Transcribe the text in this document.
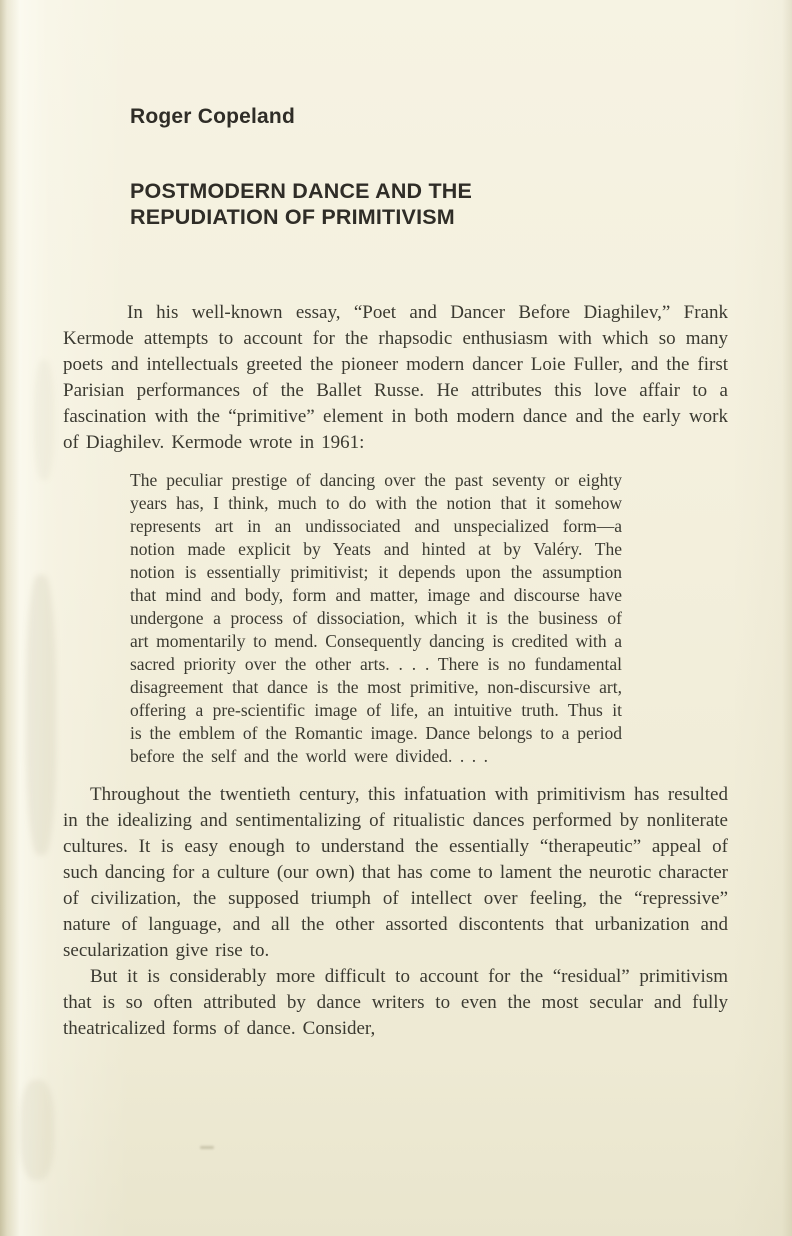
Roger Copeland
POSTMODERN DANCE AND THE
REPUDIATION OF PRIMITIVISM

In his well-known essay, “Poet and Dancer Before Diaghilev,” Frank Kermode attempts to account for the rhapsodic enthusiasm with which so many poets and intellectuals greeted the pioneer modern dancer Loie Fuller, and the first Parisian performances of the Ballet Russe. He attributes this love affair to a fascination with the “primitive” element in both modern dance and the early work of Diaghilev. Kermode wrote in 1961:

The peculiar prestige of dancing over the past seventy or eighty years has, I think, much to do with the notion that it somehow represents art in an undissociated and unspecialized form—a notion made explicit by Yeats and hinted at by Valéry. The notion is essentially primitivist; it depends upon the assumption that mind and body, form and matter, image and discourse have undergone a process of dissociation, which it is the business of art momentarily to mend. Consequently dancing is credited with a sacred priority over the other arts. . . . There is no fundamental disagreement that dance is the most primitive, non-discursive art, offering a pre-scientific image of life, an intuitive truth. Thus it is the emblem of the Romantic image. Dance belongs to a period before the self and the world were divided. . . .

Throughout the twentieth century, this infatuation with primitivism has resulted in the idealizing and sentimentalizing of ritualistic dances performed by nonliterate cultures. It is easy enough to understand the essentially “therapeutic” appeal of such dancing for a culture (our own) that has come to lament the neurotic character of civilization, the supposed triumph of intellect over feeling, the “repressive” nature of language, and all the other assorted discontents that urbanization and secularization give rise to.

But it is considerably more difficult to account for the “residual” primitivism that is so often attributed by dance writers to even the most secular and fully theatricalized forms of dance. Consider,
